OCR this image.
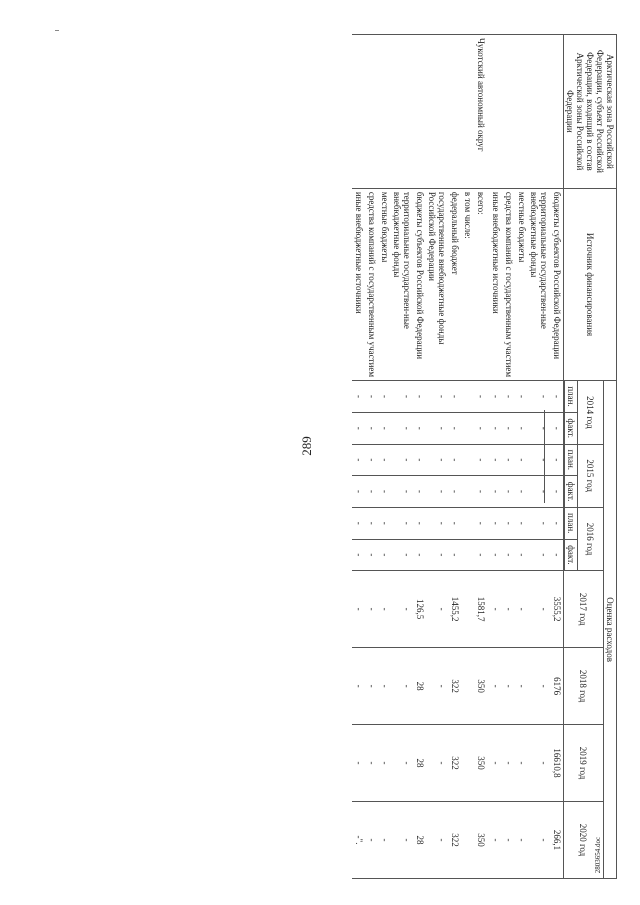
289
2803654.doc
Арктическая зона Российской Федерации, субъект Российской Федерации, входящий в состав Арктической зоны Российской Федерации	Источник финансирования	Оценка расходов									
		2014 год		2015 год		2016 год		2017 год	2018 год	2019 год	2020 год
		план.	факт.	план.	факт.	план.	факт.				

	бюджеты субъектов Российской Федерации	-	-	-	-	-	-	3555,2	6176	16610,8	266,1
	территориальные государствен-ные внебюджетные фонды	-	-	-	-	-	-	-	-	-	-
	местные бюджеты	-	-	-	-	-	-	-	-	-	-
	средства компаний с государственным участием	-	-	-	-	-	-	-	-	-	-
	иные внебюджетные источники	-	-	-	-	-	-	-	-	-	-
Чукотский автономный округ	всего:	-	-	-	-	-	-	1581,7	350	350	350
	в том числе:										
	федеральный бюджет	-	-	-	-	-	-	1455,2	322	322	322
	государственные внебюджетные фонды Российской Федерации	-	-	-	-	-	-	-	-	-	-
	бюджеты субъектов Российской Федерации	-	-	-	-	-	-	126,5	28	28	28
	территориальные государствен-ные внебюджетные фонды	-	-	-	-	-	-	-	-	-	-
	местные бюджеты	-	-	-	-	-	-	-	-	-	-
	средства компаний с государственным участием	-	-	-	-	-	-	-	-	-	-
	иные внебюджетные источники	-	-	-	-	-	-	-	-	-	-".
